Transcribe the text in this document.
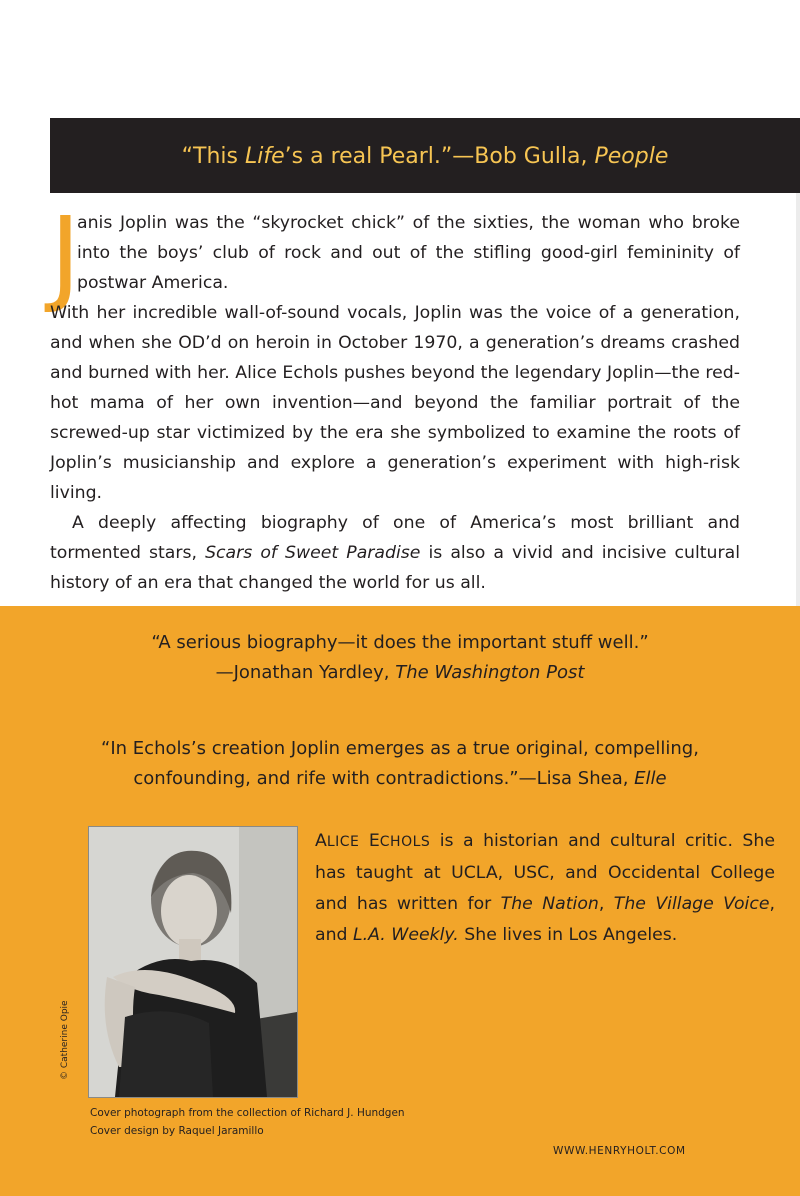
“This Life’s a real Pearl.”—Bob Gulla, People
J

anis Joplin was the “skyrocket chick” of the sixties, the woman who broke into the boys’ club of rock and out of the stifling good-girl femininity of postwar America.

With her incredible wall-of-sound vocals, Joplin was the voice of a generation, and when she OD’d on heroin in October 1970, a generation’s dreams crashed and burned with her. Alice Echols pushes beyond the legendary Joplin—the red-hot mama of her own invention—and beyond the familiar portrait of the screwed-up star victimized by the era she symbolized to examine the roots of Joplin’s musicianship and explore a generation’s experiment with high-risk living.

A deeply affecting biography of one of America’s most brilliant and tormented stars, Scars of Sweet Paradise is also a vivid and incisive cultural history of an era that changed the world for us all.

“A serious biography—it does the important stuff well.”
—Jonathan Yardley, The Washington Post
“In Echols’s creation Joplin emerges as a true original, compelling, confounding, and rife with contradictions.”—Lisa Shea, Elle
© Catherine Opie
ALICE ECHOLS is a historian and cultural critic. She has taught at UCLA, USC, and Occidental College and has written for The Nation, The Village Voice, and L.A. Weekly. She lives in Los Angeles.
Cover photograph from the collection of Richard J. Hundgen
Cover design by Raquel Jaramillo
WWW.HENRYHOLT.COM
